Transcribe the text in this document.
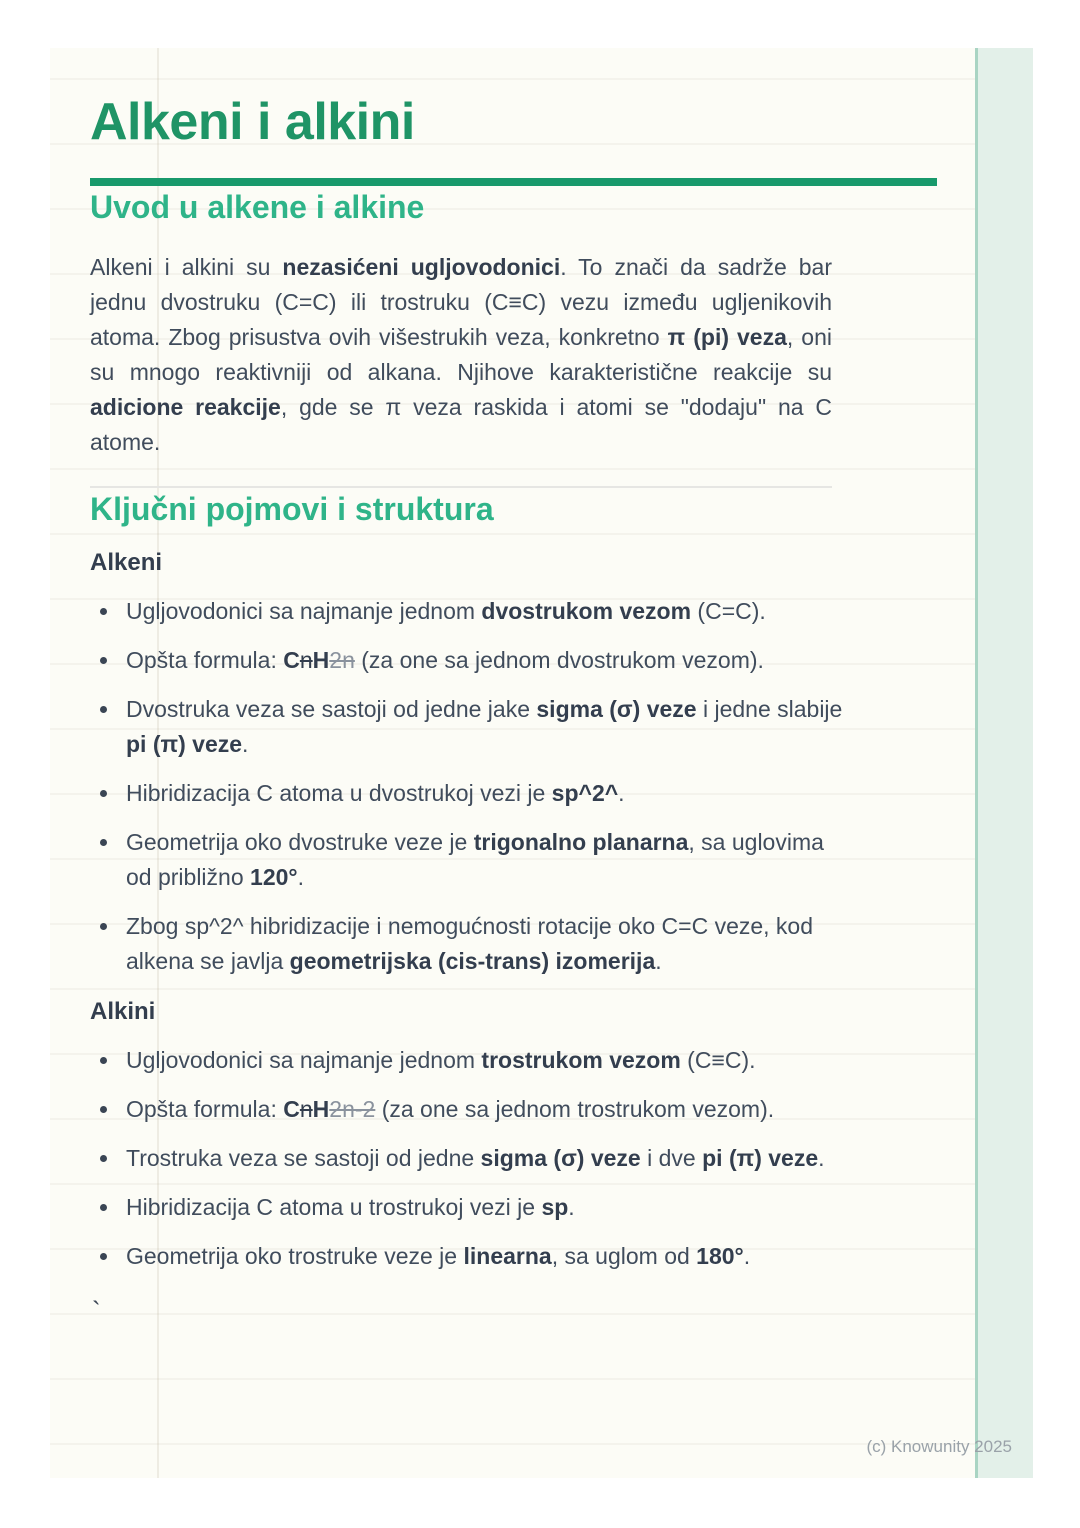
Alkeni i alkini
Uvod u alkene i alkine

Alkeni i alkini su nezasićeni ugljovodonici. To znači da sadrže bar jednu dvostruku (C=C) ili trostruku (C≡C) vezu između ugljenikovih atoma. Zbog prisustva ovih višestrukih veza, konkretno π (pi) veza, oni su mnogo reaktivniji od alkana. Njihove karakteristične reakcije su adicione reakcije, gde se π veza raskida i atomi se "dodaju" na C atome.

Ključni pojmovi i struktura
Alkeni
Ugljovodonici sa najmanje jednom dvostrukom vezom (C=C).
Opšta formula: CnH2n (za one sa jednom dvostrukom vezom).
Dvostruka veza se sastoji od jedne jake sigma (σ) veze i jedne slabije pi (π) veze.
Hibridizacija C atoma u dvostrukoj vezi je sp^2^.
Geometrija oko dvostruke veze je trigonalno planarna, sa uglovima od približno 120°.
Zbog sp^2^ hibridizacije i nemogućnosti rotacije oko C=C veze, kod alkena se javlja geometrijska (cis-trans) izomerija.
Alkini
Ugljovodonici sa najmanje jednom trostrukom vezom (C≡C).
Opšta formula: CnH2n-2 (za one sa jednom trostrukom vezom).
Trostruka veza se sastoji od jedne sigma (σ) veze i dve pi (π) veze.
Hibridizacija C atoma u trostrukoj vezi je sp.
Geometrija oko trostruke veze je linearna, sa uglom od 180°.
`
(c) Knowunity 2025
